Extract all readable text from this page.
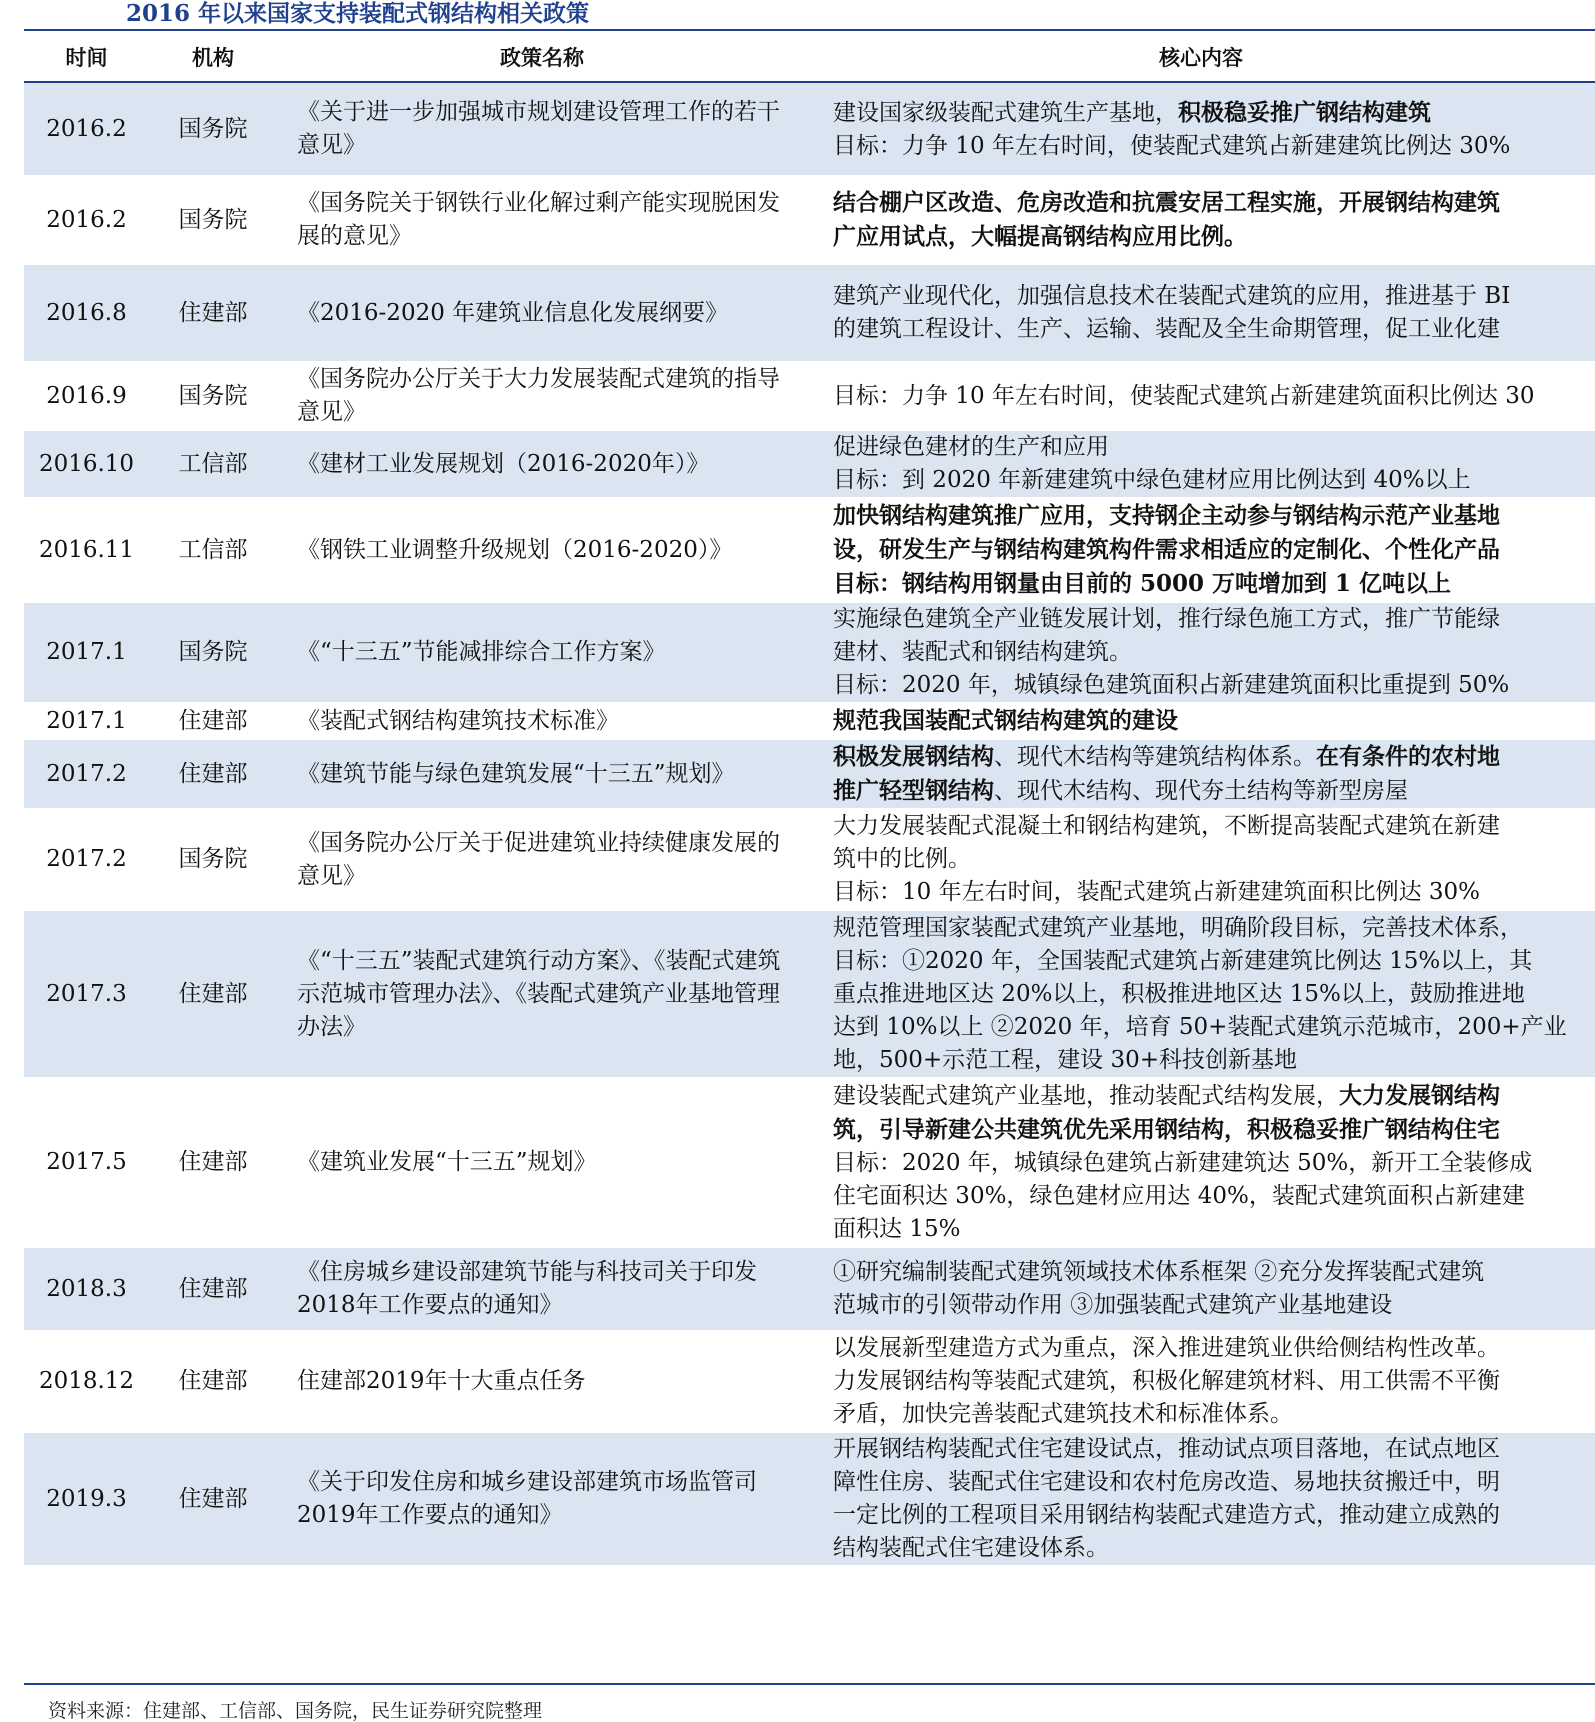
2016 年以来国家支持装配式钢结构相关政策
时间	机构	政策名称	核心内容
2016.2	国务院	《关于进一步加强城市规划建设管理工作的若干意见》	建设国家级装配式建筑生产基地，积极稳妥推广钢结构建筑
目标：力争 10 年左右时间，使装配式建筑占新建建筑比例达 30%

2016.2	国务院	《国务院关于钢铁行业化解过剩产能实现脱困发展的意见》	结合棚户区改造、危房改造和抗震安居工程实施，开展钢结构建筑
广应用试点，大幅提高钢结构应用比例。

2016.8	住建部	《2016-2020 年建筑业信息化发展纲要》	建筑产业现代化，加强信息技术在装配式建筑的应用，推进基于 BI
的建筑工程设计、生产、运输、装配及全生命期管理，促工业化建

2016.9	国务院	《国务院办公厅关于大力发展装配式建筑的指导意见》	目标：力争 10 年左右时间，使装配式建筑占新建建筑面积比例达 30

2016.10	工信部	《建材工业发展规划（2016-2020年）》	促进绿色建材的生产和应用
目标：到 2020 年新建建筑中绿色建材应用比例达到 40%以上

2016.11	工信部	《钢铁工业调整升级规划（2016-2020）》	加快钢结构建筑推广应用，支持钢企主动参与钢结构示范产业基地
设，研发生产与钢结构建筑构件需求相适应的定制化、个性化产品
目标：钢结构用钢量由目前的 5000 万吨增加到 1 亿吨以上

2017.1	国务院	《“十三五”节能减排综合工作方案》	实施绿色建筑全产业链发展计划，推行绿色施工方式，推广节能绿
建材、装配式和钢结构建筑。
目标：2020 年，城镇绿色建筑面积占新建建筑面积比重提到 50%

2017.1	住建部	《装配式钢结构建筑技术标准》	规范我国装配式钢结构建筑的建设

2017.2	住建部	《建筑节能与绿色建筑发展“十三五”规划》	积极发展钢结构、现代木结构等建筑结构体系。在有条件的农村地
推广轻型钢结构、现代木结构、现代夯土结构等新型房屋

2017.2	国务院	《国务院办公厅关于促进建筑业持续健康发展的意见》	大力发展装配式混凝土和钢结构建筑，不断提高装配式建筑在新建
筑中的比例。
目标：10 年左右时间，装配式建筑占新建建筑面积比例达 30%

2017.3	住建部	《“十三五”装配式建筑行动方案》、《装配式建筑示范城市管理办法》、《装配式建筑产业基地管理办法》	规范管理国家装配式建筑产业基地，明确阶段目标，完善技术体系，
目标：①2020 年，全国装配式建筑占新建建筑比例达 15%以上，其
重点推进地区达 20%以上，积极推进地区达 15%以上，鼓励推进地
达到 10%以上 ②2020 年，培育 50+装配式建筑示范城市，200+产业
地，500+示范工程，建设 30+科技创新基地

2017.5	住建部	《建筑业发展“十三五”规划》	建设装配式建筑产业基地，推动装配式结构发展，大力发展钢结构
筑，引导新建公共建筑优先采用钢结构，积极稳妥推广钢结构住宅
目标：2020 年，城镇绿色建筑占新建建筑达 50%，新开工全装修成
住宅面积达 30%，绿色建材应用达 40%，装配式建筑面积占新建建
面积达 15%

2018.3	住建部	《住房城乡建设部建筑节能与科技司关于印发2018年工作要点的通知》	①研究编制装配式建筑领域技术体系框架 ②充分发挥装配式建筑
范城市的引领带动作用 ③加强装配式建筑产业基地建设

2018.12	住建部	住建部2019年十大重点任务	以发展新型建造方式为重点，深入推进建筑业供给侧结构性改革。
力发展钢结构等装配式建筑，积极化解建筑材料、用工供需不平衡
矛盾，加快完善装配式建筑技术和标准体系。

2019.3	住建部	《关于印发住房和城乡建设部建筑市场监管司2019年工作要点的通知》	开展钢结构装配式住宅建设试点，推动试点项目落地，在试点地区
障性住房、装配式住宅建设和农村危房改造、易地扶贫搬迁中，明
一定比例的工程项目采用钢结构装配式建造方式，推动建立成熟的
结构装配式住宅建设体系。
资料来源：住建部、工信部、国务院，民生证券研究院整理
